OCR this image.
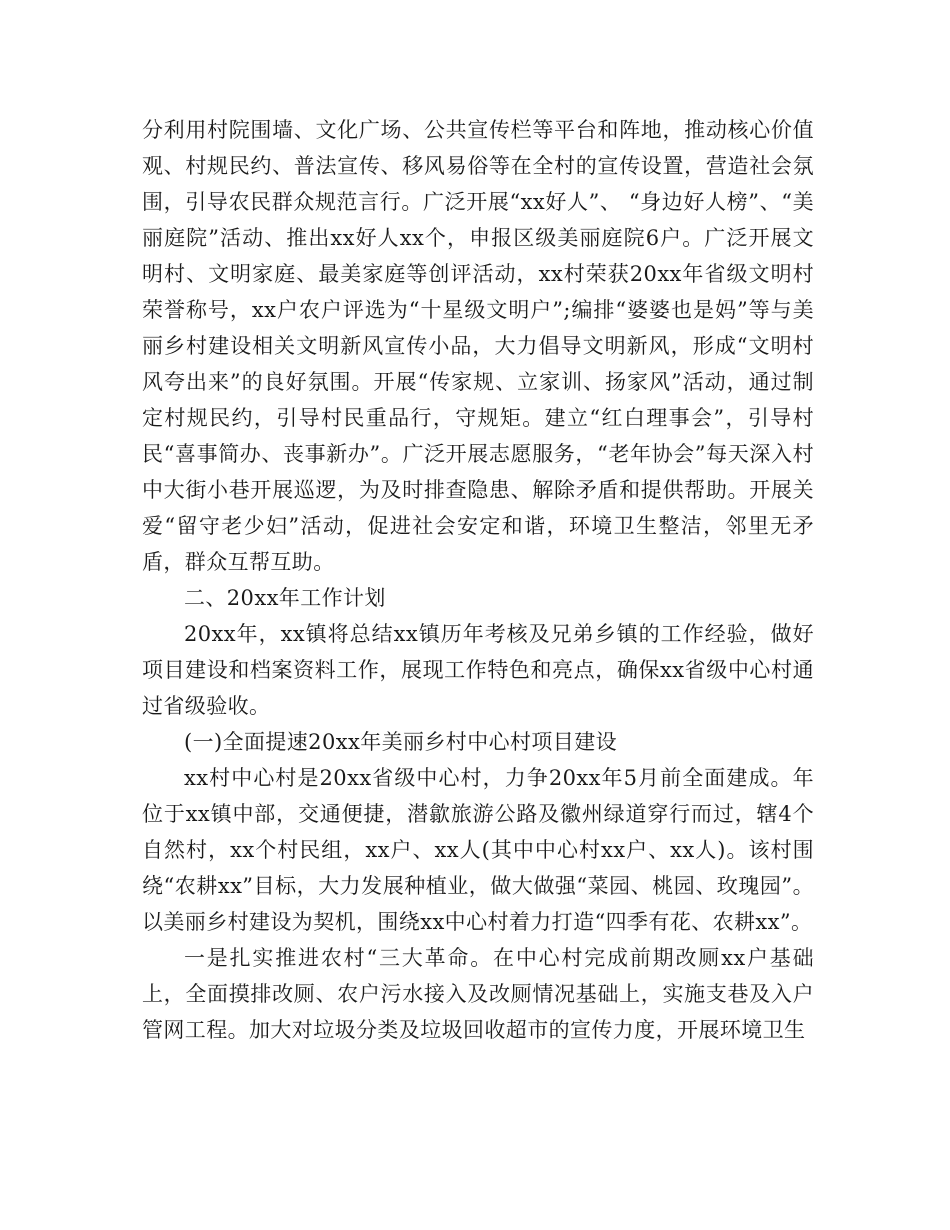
分利用村院围墙、文化广场、公共宣传栏等平台和阵地，推动核心价值观、村规民约、普法宣传、移风易俗等在全村的宣传设置，营造社会氛围，引导农民群众规范言行。广泛开展“xx好人”、 “身边好人榜”、“美丽庭院”活动、推出xx好人xx个，申报区级美丽庭院6户。广泛开展文明村、文明家庭、最美家庭等创评活动，xx村荣获20xx年省级文明村荣誉称号，xx户农户评选为“十星级文明户”;编排“婆婆也是妈”等与美丽乡村建设相关文明新风宣传小品，大力倡导文明新风，形成“文明村风夸出来”的良好氛围。开展“传家规、立家训、扬家风”活动，通过制定村规民约，引导村民重品行，守规矩。建立“红白理事会”，引导村民“喜事简办、丧事新办”。广泛开展志愿服务，“老年协会”每天深入村中大街小巷开展巡逻，为及时排查隐患、解除矛盾和提供帮助。开展关爱“留守老少妇”活动，促进社会安定和谐，环境卫生整洁，邻里无矛盾，群众互帮互助。

二、20xx年工作计划

20xx年，xx镇将总结xx镇历年考核及兄弟乡镇的工作经验，做好项目建设和档案资料工作，展现工作特色和亮点，确保xx省级中心村通过省级验收。

(一)全面提速20xx年美丽乡村中心村项目建设

xx村中心村是20xx省级中心村，力争20xx年5月前全面建成。年位于xx镇中部，交通便捷，潜歙旅游公路及徽州绿道穿行而过，辖4个自然村，xx个村民组，xx户、xx人(其中中心村xx户、xx人)。该村围绕“农耕xx”目标，大力发展种植业，做大做强“菜园、桃园、玫瑰园”。以美丽乡村建设为契机，围绕xx中心村着力打造“四季有花、农耕xx”。

一是扎实推进农村“三大革命。在中心村完成前期改厕xx户基础上，全面摸排改厕、农户污水接入及改厕情况基础上，实施支巷及入户管网工程。加大对垃圾分类及垃圾回收超市的宣传力度，开展环境卫生
